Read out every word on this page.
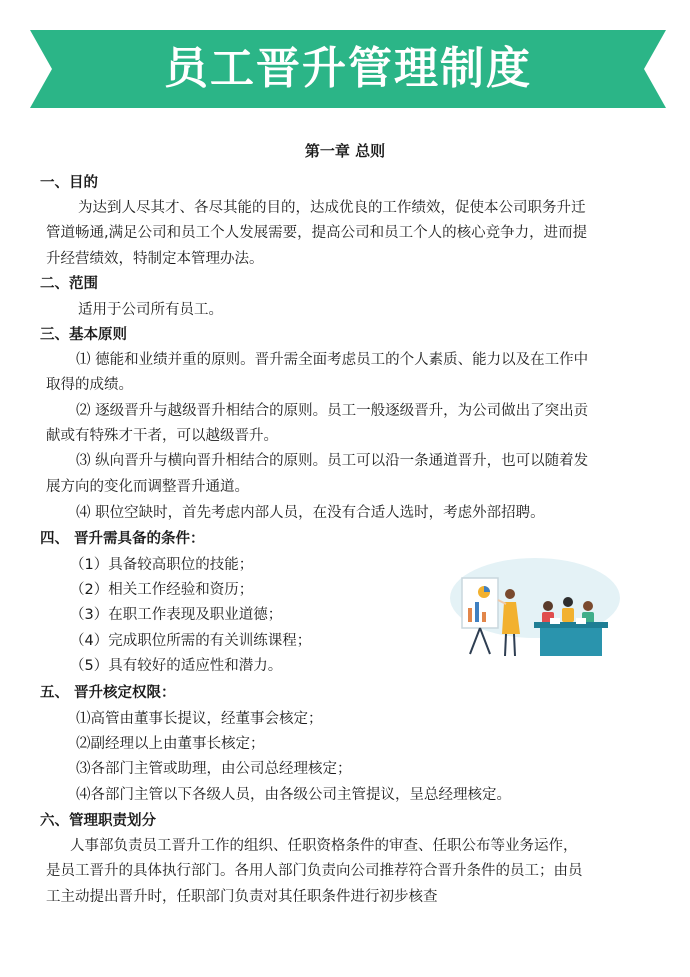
员工晋升管理制度
第一章 总则
一、目的
为达到人尽其才、各尽其能的目的，达成优良的工作绩效，促使本公司职务升迁
管道畅通,满足公司和员工个人发展需要，提高公司和员工个人的核心竞争力，进而提
升经营绩效，特制定本管理办法。
二、范围
适用于公司所有员工。
三、基本原则
⑴ 德能和业绩并重的原则。晋升需全面考虑员工的个人素质、能力以及在工作中
取得的成绩。
⑵ 逐级晋升与越级晋升相结合的原则。员工一般逐级晋升，为公司做出了突出贡
献或有特殊才干者，可以越级晋升。
⑶ 纵向晋升与横向晋升相结合的原则。员工可以沿一条通道晋升，也可以随着发
展方向的变化而调整晋升通道。
⑷ 职位空缺时，首先考虑内部人员，在没有合适人选时，考虑外部招聘。
四、 晋升需具备的条件：
（1）具备较高职位的技能；
（2）相关工作经验和资历；
（3）在职工作表现及职业道德；
（4）完成职位所需的有关训练课程；
（5）具有较好的适应性和潜力。
五、 晋升核定权限：
⑴高管由董事长提议，经董事会核定；
⑵副经理以上由董事长核定；
⑶各部门主管或助理，由公司总经理核定；
⑷各部门主管以下各级人员，由各级公司主管提议，呈总经理核定。
六、管理职责划分
人事部负责员工晋升工作的组织、任职资格条件的审查、任职公布等业务运作，
是员工晋升的具体执行部门。各用人部门负责向公司推荐符合晋升条件的员工；由员
工主动提出晋升时，任职部门负责对其任职条件进行初步核查
